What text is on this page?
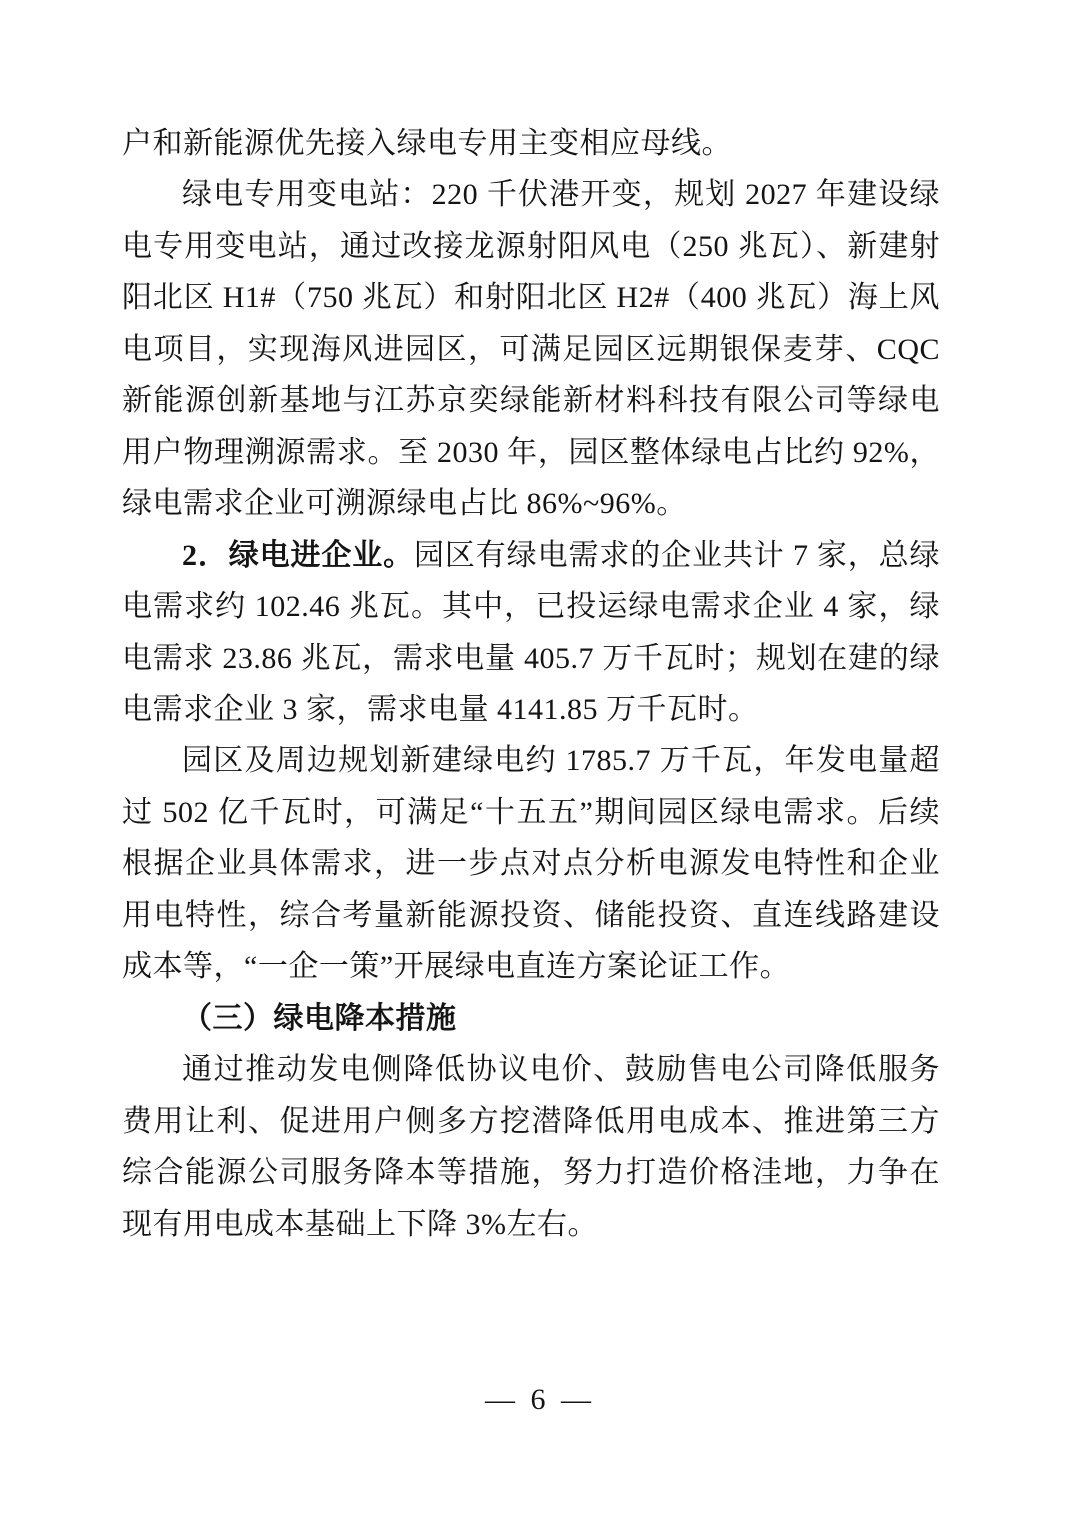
户和新能源优先接入绿电专用主变相应母线。

绿电专用变电站：220 千伏港开变，规划 2027 年建设绿电专用变电站，通过改接龙源射阳风电（250 兆瓦）、新建射阳北区 H1#（750 兆瓦）和射阳北区 H2#（400 兆瓦）海上风电项目，实现海风进园区，可满足园区远期银保麦芽、CQC 新能源创新基地与江苏京奕绿能新材料科技有限公司等绿电用户物理溯源需求。至 2030 年，园区整体绿电占比约 92%，绿电需求企业可溯源绿电占比 86%~96%。

2．绿电进企业。园区有绿电需求的企业共计 7 家，总绿电需求约 102.46 兆瓦。其中，已投运绿电需求企业 4 家，绿电需求 23.86 兆瓦，需求电量 405.7 万千瓦时；规划在建的绿电需求企业 3 家，需求电量 4141.85 万千瓦时。

园区及周边规划新建绿电约 1785.7 万千瓦，年发电量超过 502 亿千瓦时，可满足“十五五”期间园区绿电需求。后续根据企业具体需求，进一步点对点分析电源发电特性和企业用电特性，综合考量新能源投资、储能投资、直连线路建设成本等，“一企一策”开展绿电直连方案论证工作。

（三）绿电降本措施

通过推动发电侧降低协议电价、鼓励售电公司降低服务费用让利、促进用户侧多方挖潜降低用电成本、推进第三方综合能源公司服务降本等措施，努力打造价格洼地，力争在现有用电成本基础上下降 3%左右。

— 6 —
